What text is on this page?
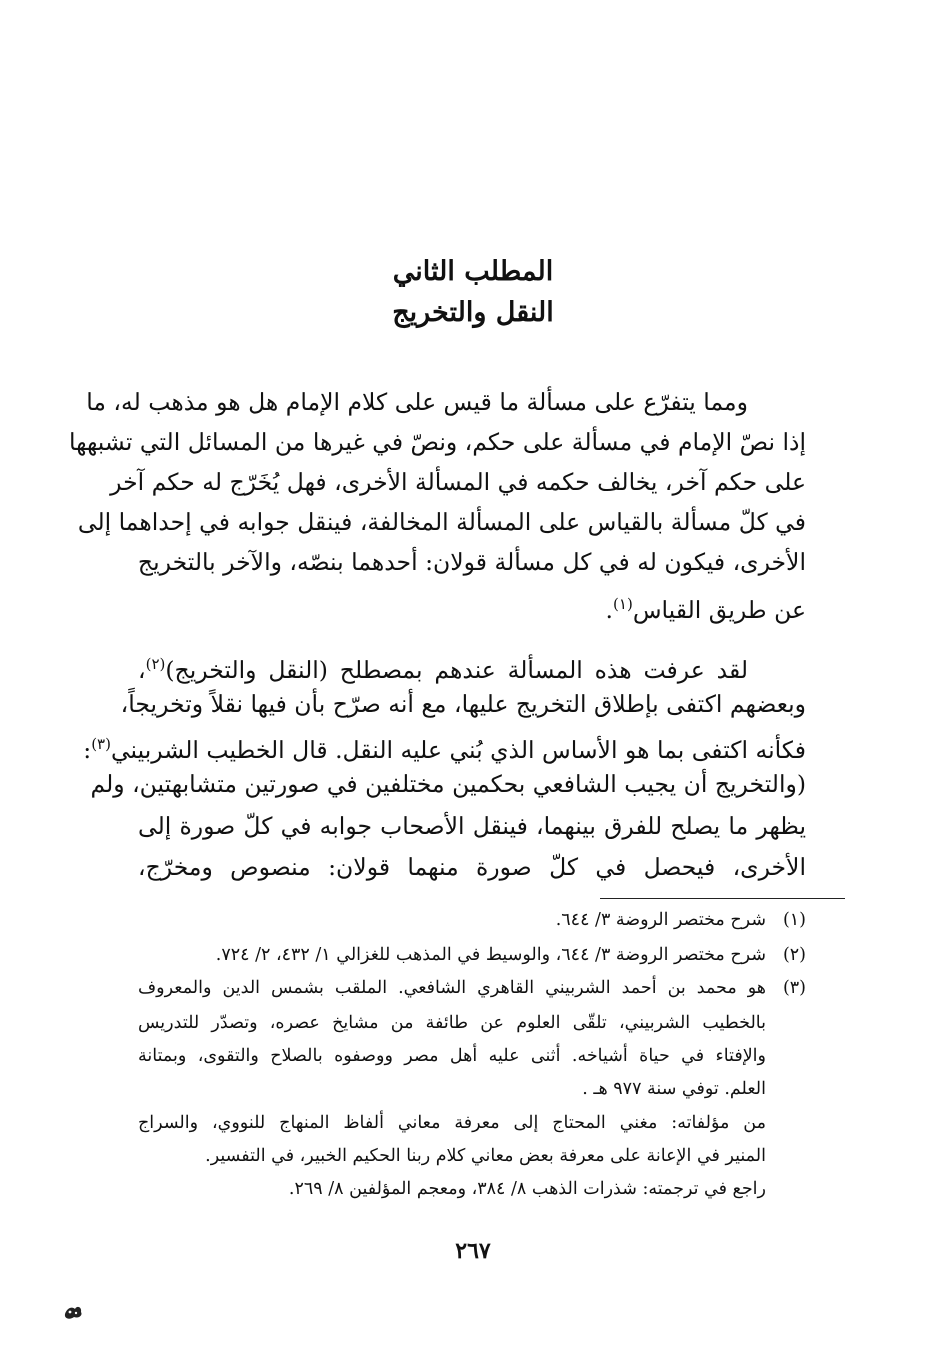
المطلب الثاني
النقل والتخريج
ومما يتفرّع على مسألة ما قيس على كلام الإمام هل هو مذهب له، ما
إذا نصّ الإمام في مسألة على حكم، ونصّ في غيرها من المسائل التي تشبهها
على حكم آخر، يخالف حكمه في المسألة الأخرى، فهل يُخَرّج له حكم آخر
في كلّ مسألة بالقياس على المسألة المخالفة، فينقل جوابه في إحداهما إلى
الأخرى، فيكون له في كل مسألة قولان: أحدهما بنصّه، والآخر بالتخريج
عن طريق القياس$^{(١)}$.
لقد عرفت هذه المسألة عندهم بمصطلح (النقل والتخريج)$^{(٢)}$،
وبعضهم اكتفى بإطلاق التخريج عليها، مع أنه صرّح بأن فيها نقلاً وتخريجاً،
فكأنه اكتفى بما هو الأساس الذي بُني عليه النقل. قال الخطيب الشربيني$^{(٣)}$:
(والتخريج أن يجيب الشافعي بحكمين مختلفين في صورتين متشابهتين، ولم
يظهر ما يصلح للفرق بينهما، فينقل الأصحاب جوابه في كلّ صورة إلى
الأخرى، فيحصل في كلّ صورة منهما قولان: منصوص ومخرّج،
(١)شرح مختصر الروضة ٣/ ٦٤٤.
(٢)شرح مختصر الروضة ٣/ ٦٤٤، والوسيط في المذهب للغزالي ١/ ٤٣٢، ٢/ ٧٢٤.
(٣)هو محمد بن أحمد الشربيني القاهري الشافعي. الملقب بشمس الدين والمعروف
بالخطيب الشربيني، تلقّى العلوم عن طائفة من مشايخ عصره، وتصدّر للتدريس
والإفتاء في حياة أشياخه. أثنى عليه أهل مصر ووصفوه بالصلاح والتقوى، وبمتانة
العلم. توفي سنة ٩٧٧ هـ .
من مؤلفاته: مغني المحتاج إلى معرفة معاني ألفاظ المنهاج للنووي، والسراج
المنير في الإعانة على معرفة بعض معاني كلام ربنا الحكيم الخبير، في التفسير.
راجع في ترجمته: شذرات الذهب ٨/ ٣٨٤، ومعجم المؤلفين ٨/ ٢٦٩.
٢٦٧
